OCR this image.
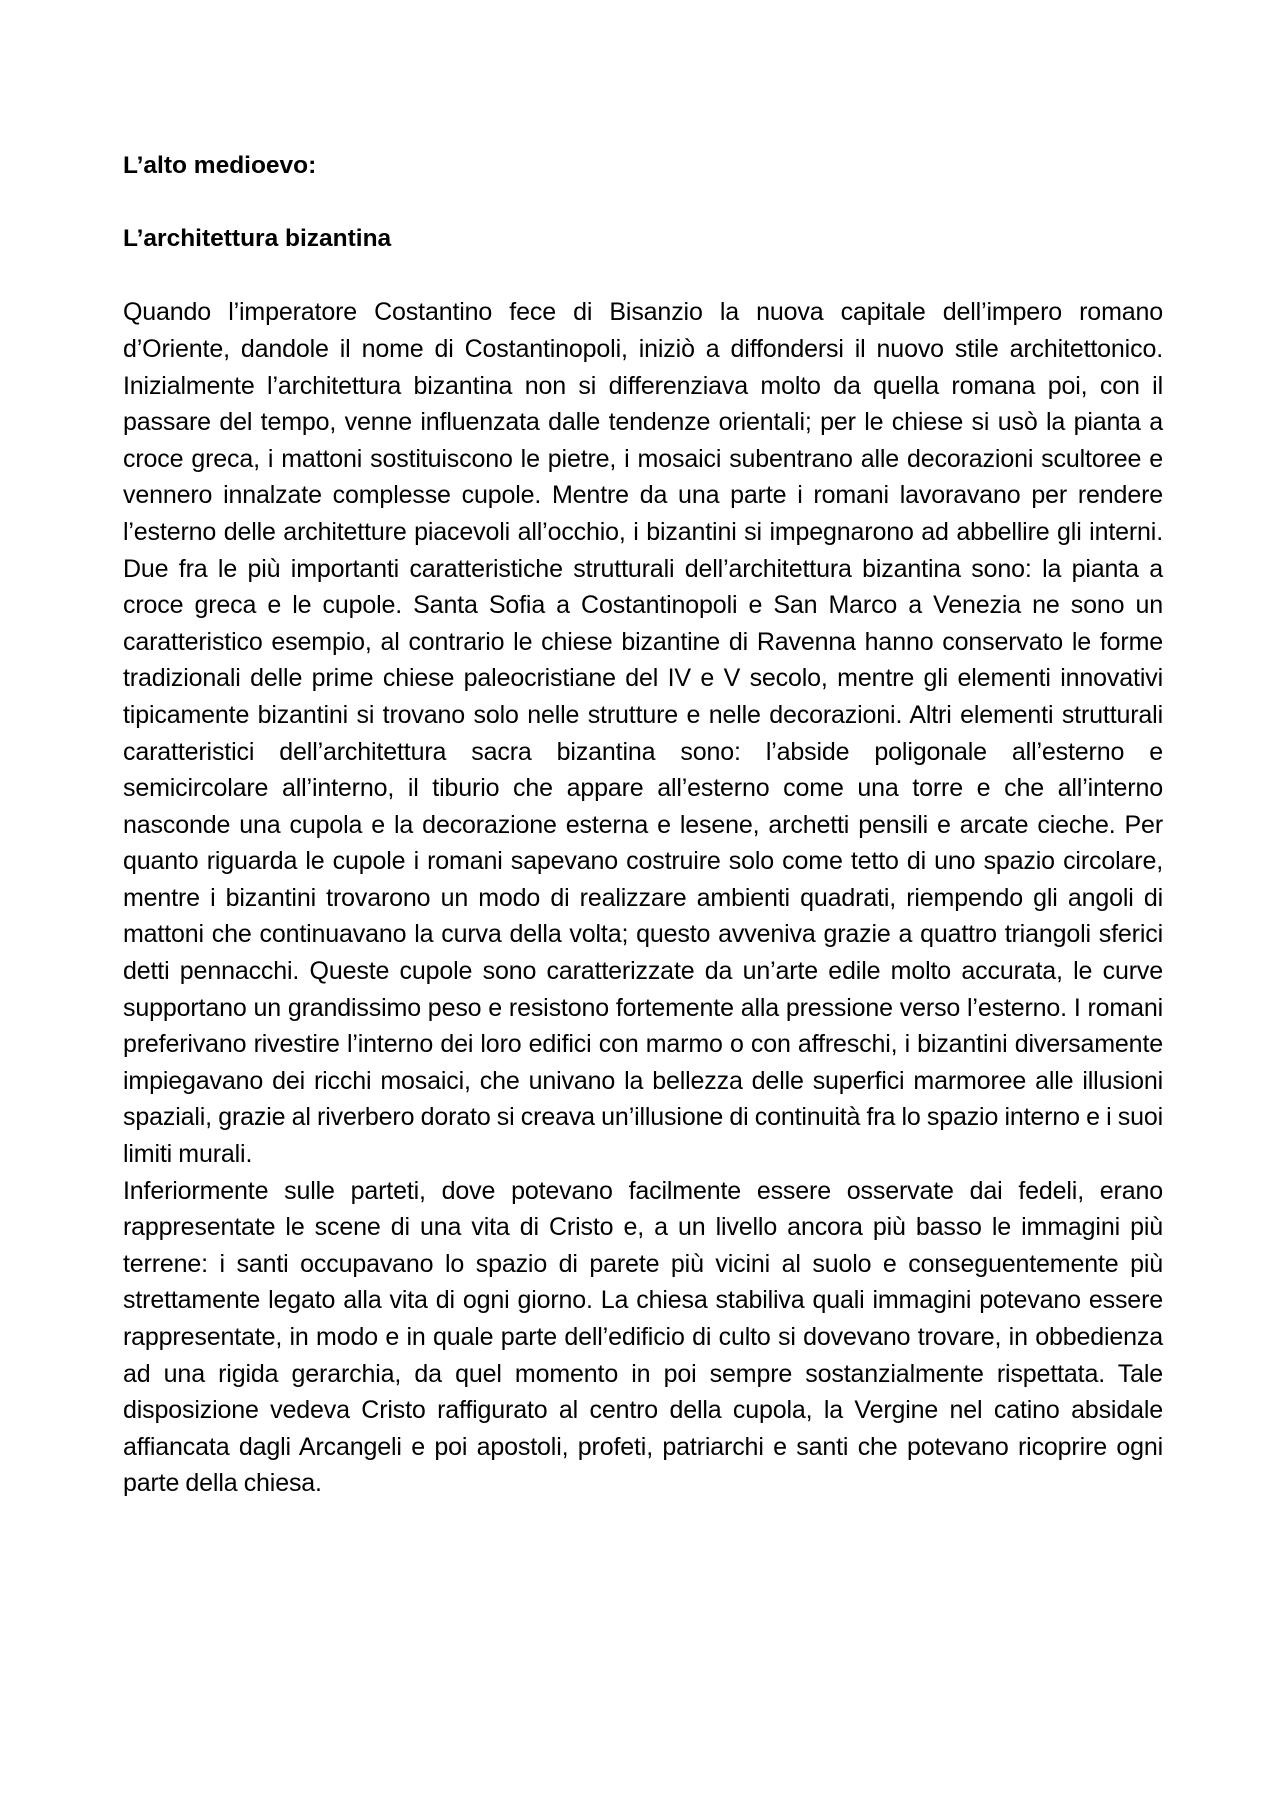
L’alto medioevo:
L’architettura bizantina

Quando l’imperatore Costantino fece di Bisanzio la nuova capitale dell’impero romano d’Oriente, dandole il nome di Costantinopoli, iniziò a diffondersi il nuovo stile architettonico. Inizialmente l’architettura bizantina non si differenziava molto da quella romana poi, con il passare del tempo, venne influenzata dalle tendenze orientali; per le chiese si usò la pianta a croce greca, i mattoni sostituiscono le pietre, i mosaici subentrano alle decorazioni scultoree e vennero innalzate complesse cupole. Mentre da una parte i romani lavoravano per rendere l’esterno delle architetture piacevoli all’occhio, i bizantini si impegnarono ad abbellire gli interni. Due fra le più importanti caratteristiche strutturali dell’architettura bizantina sono: la pianta a croce greca e le cupole. Santa Sofia a Costantinopoli e San Marco a Venezia ne sono un caratteristico esempio, al contrario le chiese bizantine di Ravenna hanno conservato le forme tradizionali delle prime chiese paleocristiane del IV e V secolo, mentre gli elementi innovativi tipicamente bizantini si trovano solo nelle strutture e nelle decorazioni. Altri elementi strutturali caratteristici dell’architettura sacra bizantina sono: l’abside poligonale all’esterno e semicircolare all’interno, il tiburio che appare all’esterno come una torre e che all’interno nasconde una cupola e la decorazione esterna e lesene, archetti pensili e arcate cieche. Per quanto riguarda le cupole i romani sapevano costruire solo come tetto di uno spazio circolare, mentre i bizantini trovarono un modo di realizzare ambienti quadrati, riempendo gli angoli di mattoni che continuavano la curva della volta; questo avveniva grazie a quattro triangoli sferici detti pennacchi. Queste cupole sono caratterizzate da un’arte edile molto accurata, le curve supportano un grandissimo peso e resistono fortemente alla pressione verso l’esterno. I romani preferivano rivestire l’interno dei loro edifici con marmo o con affreschi, i bizantini diversamente impiegavano dei ricchi mosaici, che univano la bellezza delle superfici marmoree alle illusioni spaziali, grazie al riverbero dorato si creava un’illusione di continuità fra lo spazio interno e i suoi limiti murali.

Inferiormente sulle parteti, dove potevano facilmente essere osservate dai fedeli, erano rappresentate le scene di una vita di Cristo e, a un livello ancora più basso le immagini più terrene: i santi occupavano lo spazio di parete più vicini al suolo e conseguentemente più strettamente legato alla vita di ogni giorno. La chiesa stabiliva quali immagini potevano essere rappresentate, in modo e in quale parte dell’edificio di culto si dovevano trovare, in obbedienza ad una rigida gerarchia, da quel momento in poi sempre sostanzialmente rispettata. Tale disposizione vedeva Cristo raffigurato al centro della cupola, la Vergine nel catino absidale affiancata dagli Arcangeli e poi apostoli, profeti, patriarchi e santi che potevano ricoprire ogni parte della chiesa.
